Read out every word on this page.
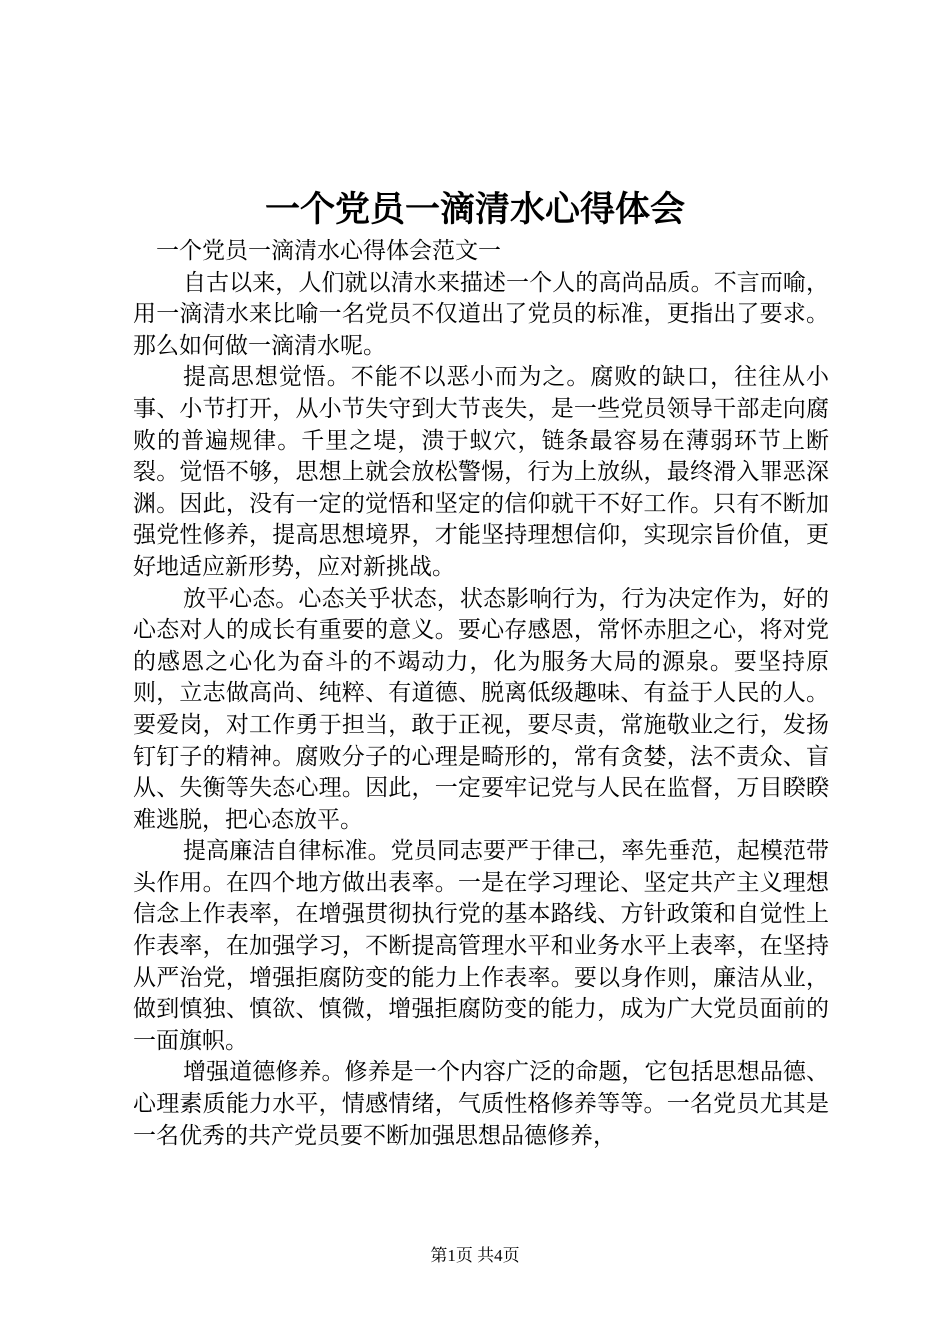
一个党员一滴清水心得体会

一个党员一滴清水心得体会范文一

自古以来，人们就以清水来描述一个人的高尚品质。不言而喻，用一滴清水来比喻一名党员不仅道出了党员的标准，更指出了要求。那么如何做一滴清水呢。

提高思想觉悟。不能不以恶小而为之。腐败的缺口，往往从小事、小节打开，从小节失守到大节丧失，是一些党员领导干部走向腐败的普遍规律。千里之堤，溃于蚁穴，链条最容易在薄弱环节上断裂。觉悟不够，思想上就会放松警惕，行为上放纵，最终滑入罪恶深渊。因此，没有一定的觉悟和坚定的信仰就干不好工作。只有不断加强党性修养，提高思想境界，才能坚持理想信仰，实现宗旨价值，更好地适应新形势，应对新挑战。

放平心态。心态关乎状态，状态影响行为，行为决定作为，好的心态对人的成长有重要的意义。要心存感恩，常怀赤胆之心，将对党的感恩之心化为奋斗的不竭动力，化为服务大局的源泉。要坚持原则，立志做高尚、纯粹、有道德、脱离低级趣味、有益于人民的人。要爱岗，对工作勇于担当，敢于正视，要尽责，常施敬业之行，发扬钉钉子的精神。腐败分子的心理是畸形的，常有贪婪，法不责众、盲从、失衡等失态心理。因此，一定要牢记党与人民在监督，万目睽睽难逃脱，把心态放平。

提高廉洁自律标准。党员同志要严于律己，率先垂范，起模范带头作用。在四个地方做出表率。一是在学习理论、坚定共产主义理想信念上作表率，在增强贯彻执行党的基本路线、方针政策和自觉性上作表率，在加强学习，不断提高管理水平和业务水平上表率，在坚持从严治党，增强拒腐防变的能力上作表率。要以身作则，廉洁从业，做到慎独、慎欲、慎微，增强拒腐防变的能力，成为广大党员面前的一面旗帜。

增强道德修养。修养是一个内容广泛的命题，它包括思想品德、心理素质能力水平，情感情绪，气质性格修养等等。一名党员尤其是一名优秀的共产党员要不断加强思想品德修养，

第1页 共4页
